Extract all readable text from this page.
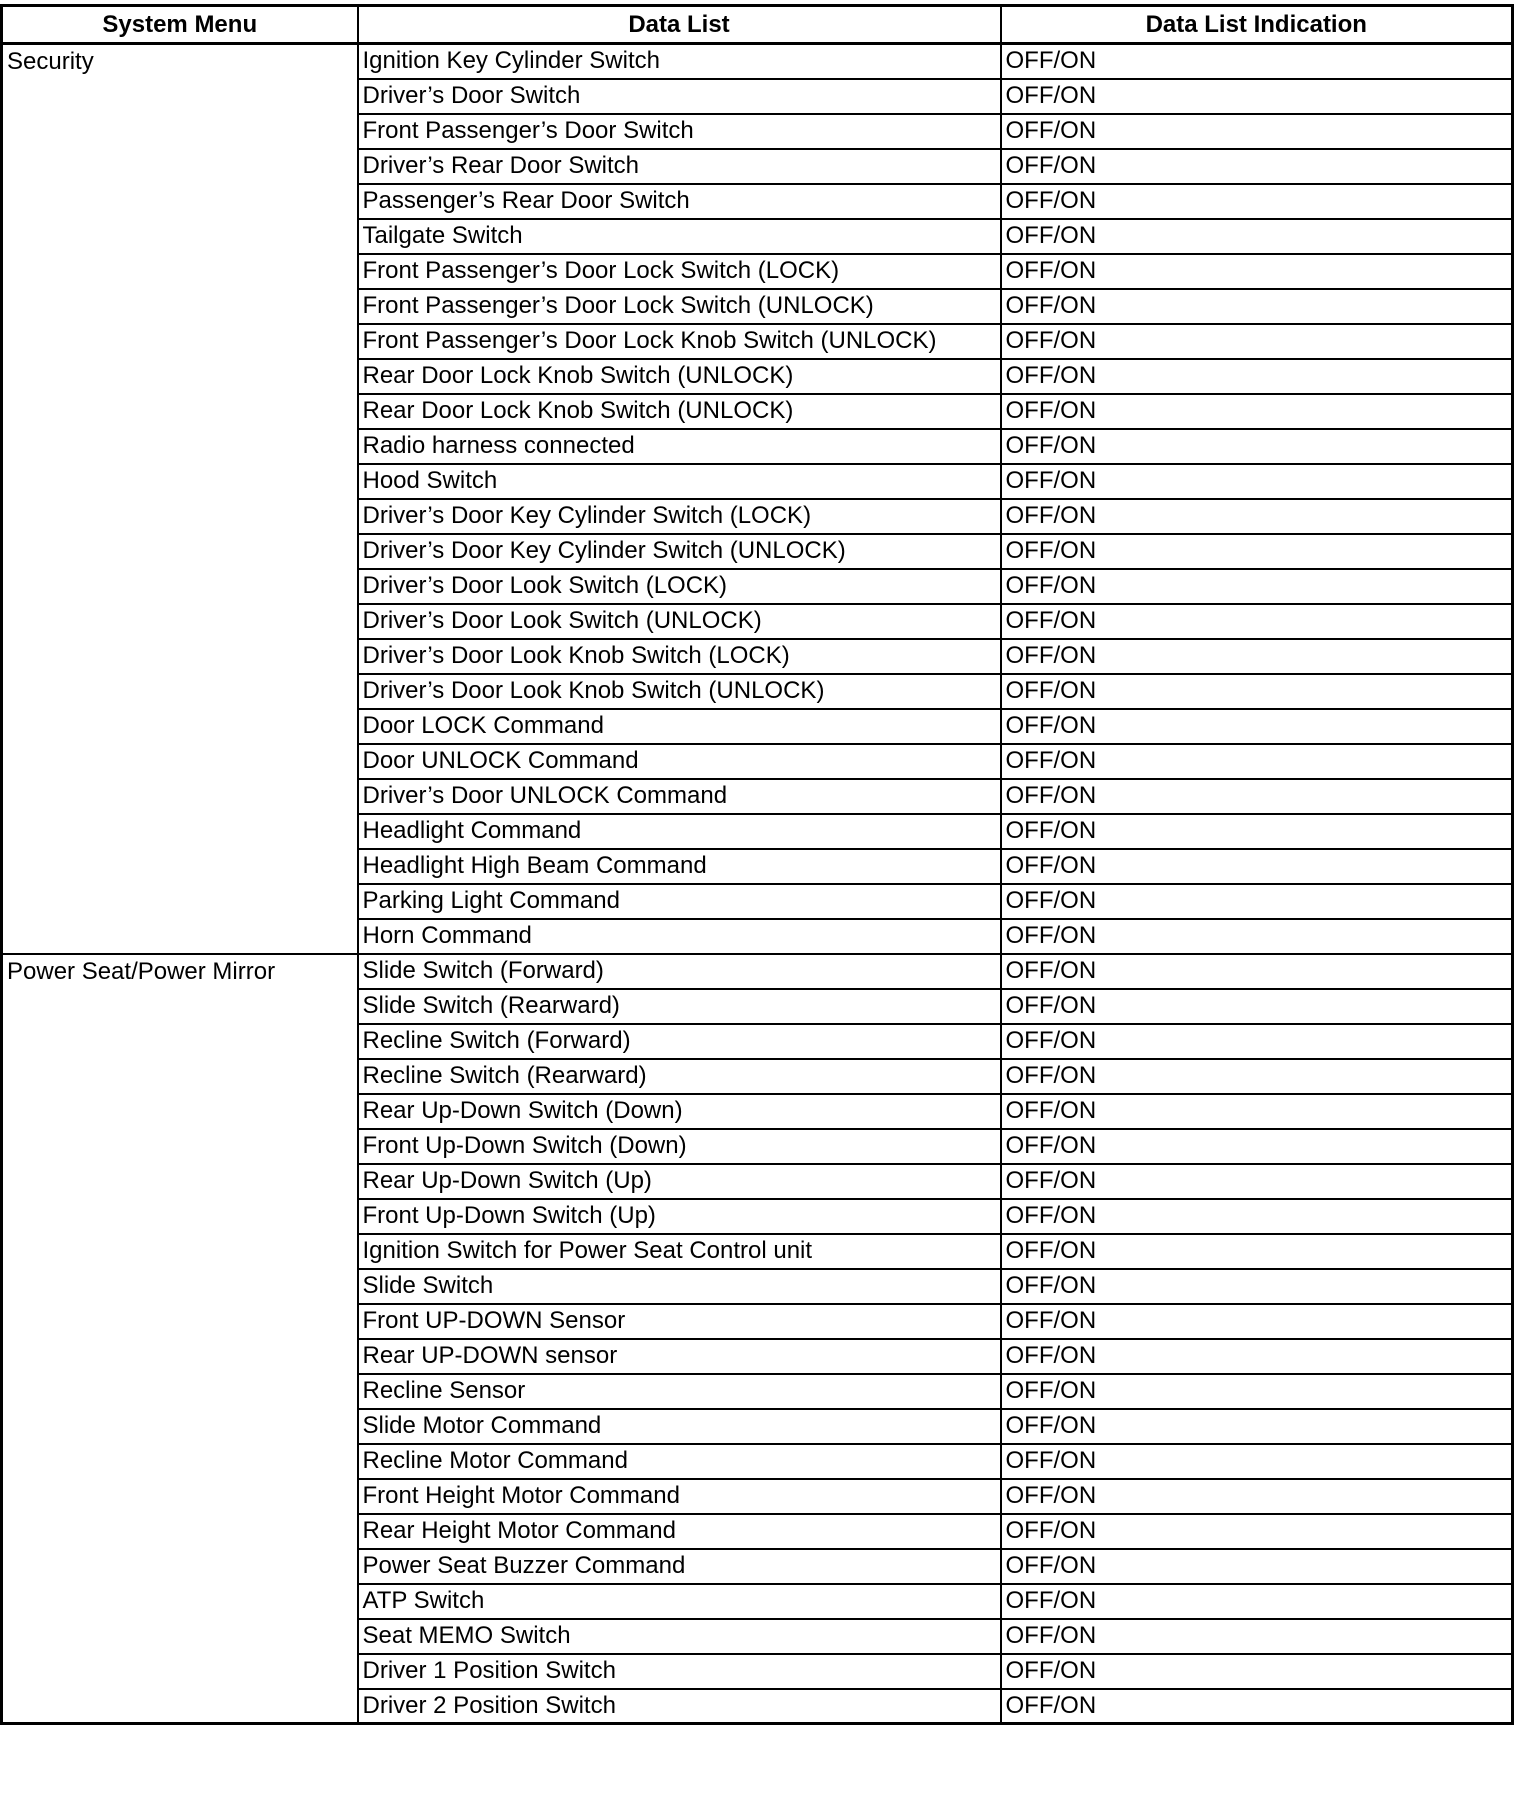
System Menu	Data List	Data List Indication
Security	Ignition Key Cylinder Switch	OFF/ON
	Driver’s Door Switch	OFF/ON
	Front Passenger’s Door Switch	OFF/ON
	Driver’s Rear Door Switch	OFF/ON
	Passenger’s Rear Door Switch	OFF/ON
	Tailgate Switch	OFF/ON
	Front Passenger’s Door Lock Switch (LOCK)	OFF/ON
	Front Passenger’s Door Lock Switch (UNLOCK)	OFF/ON
	Front Passenger’s Door Lock Knob Switch (UNLOCK)	OFF/ON
	Rear Door Lock Knob Switch (UNLOCK)	OFF/ON
	Rear Door Lock Knob Switch (UNLOCK)	OFF/ON
	Radio harness connected	OFF/ON
	Hood Switch	OFF/ON
	Driver’s Door Key Cylinder Switch (LOCK)	OFF/ON
	Driver’s Door Key Cylinder Switch (UNLOCK)	OFF/ON
	Driver’s Door Look Switch (LOCK)	OFF/ON
	Driver’s Door Look Switch (UNLOCK)	OFF/ON
	Driver’s Door Look Knob Switch (LOCK)	OFF/ON
	Driver’s Door Look Knob Switch (UNLOCK)	OFF/ON
	Door LOCK Command	OFF/ON
	Door UNLOCK Command	OFF/ON
	Driver’s Door UNLOCK Command	OFF/ON
	Headlight Command	OFF/ON
	Headlight High Beam Command	OFF/ON
	Parking Light Command	OFF/ON
	Horn Command	OFF/ON
Power Seat/Power Mirror	Slide Switch (Forward)	OFF/ON
	Slide Switch (Rearward)	OFF/ON
	Recline Switch (Forward)	OFF/ON
	Recline Switch (Rearward)	OFF/ON
	Rear Up-Down Switch (Down)	OFF/ON
	Front Up-Down Switch (Down)	OFF/ON
	Rear Up-Down Switch (Up)	OFF/ON
	Front Up-Down Switch (Up)	OFF/ON
	Ignition Switch for Power Seat Control unit	OFF/ON
	Slide Switch	OFF/ON
	Front UP-DOWN Sensor	OFF/ON
	Rear UP-DOWN sensor	OFF/ON
	Recline Sensor	OFF/ON
	Slide Motor Command	OFF/ON
	Recline Motor Command	OFF/ON
	Front Height Motor Command	OFF/ON
	Rear Height Motor Command	OFF/ON
	Power Seat Buzzer Command	OFF/ON
	ATP Switch	OFF/ON
	Seat MEMO Switch	OFF/ON
	Driver 1 Position Switch	OFF/ON
	Driver 2 Position Switch	OFF/ON
